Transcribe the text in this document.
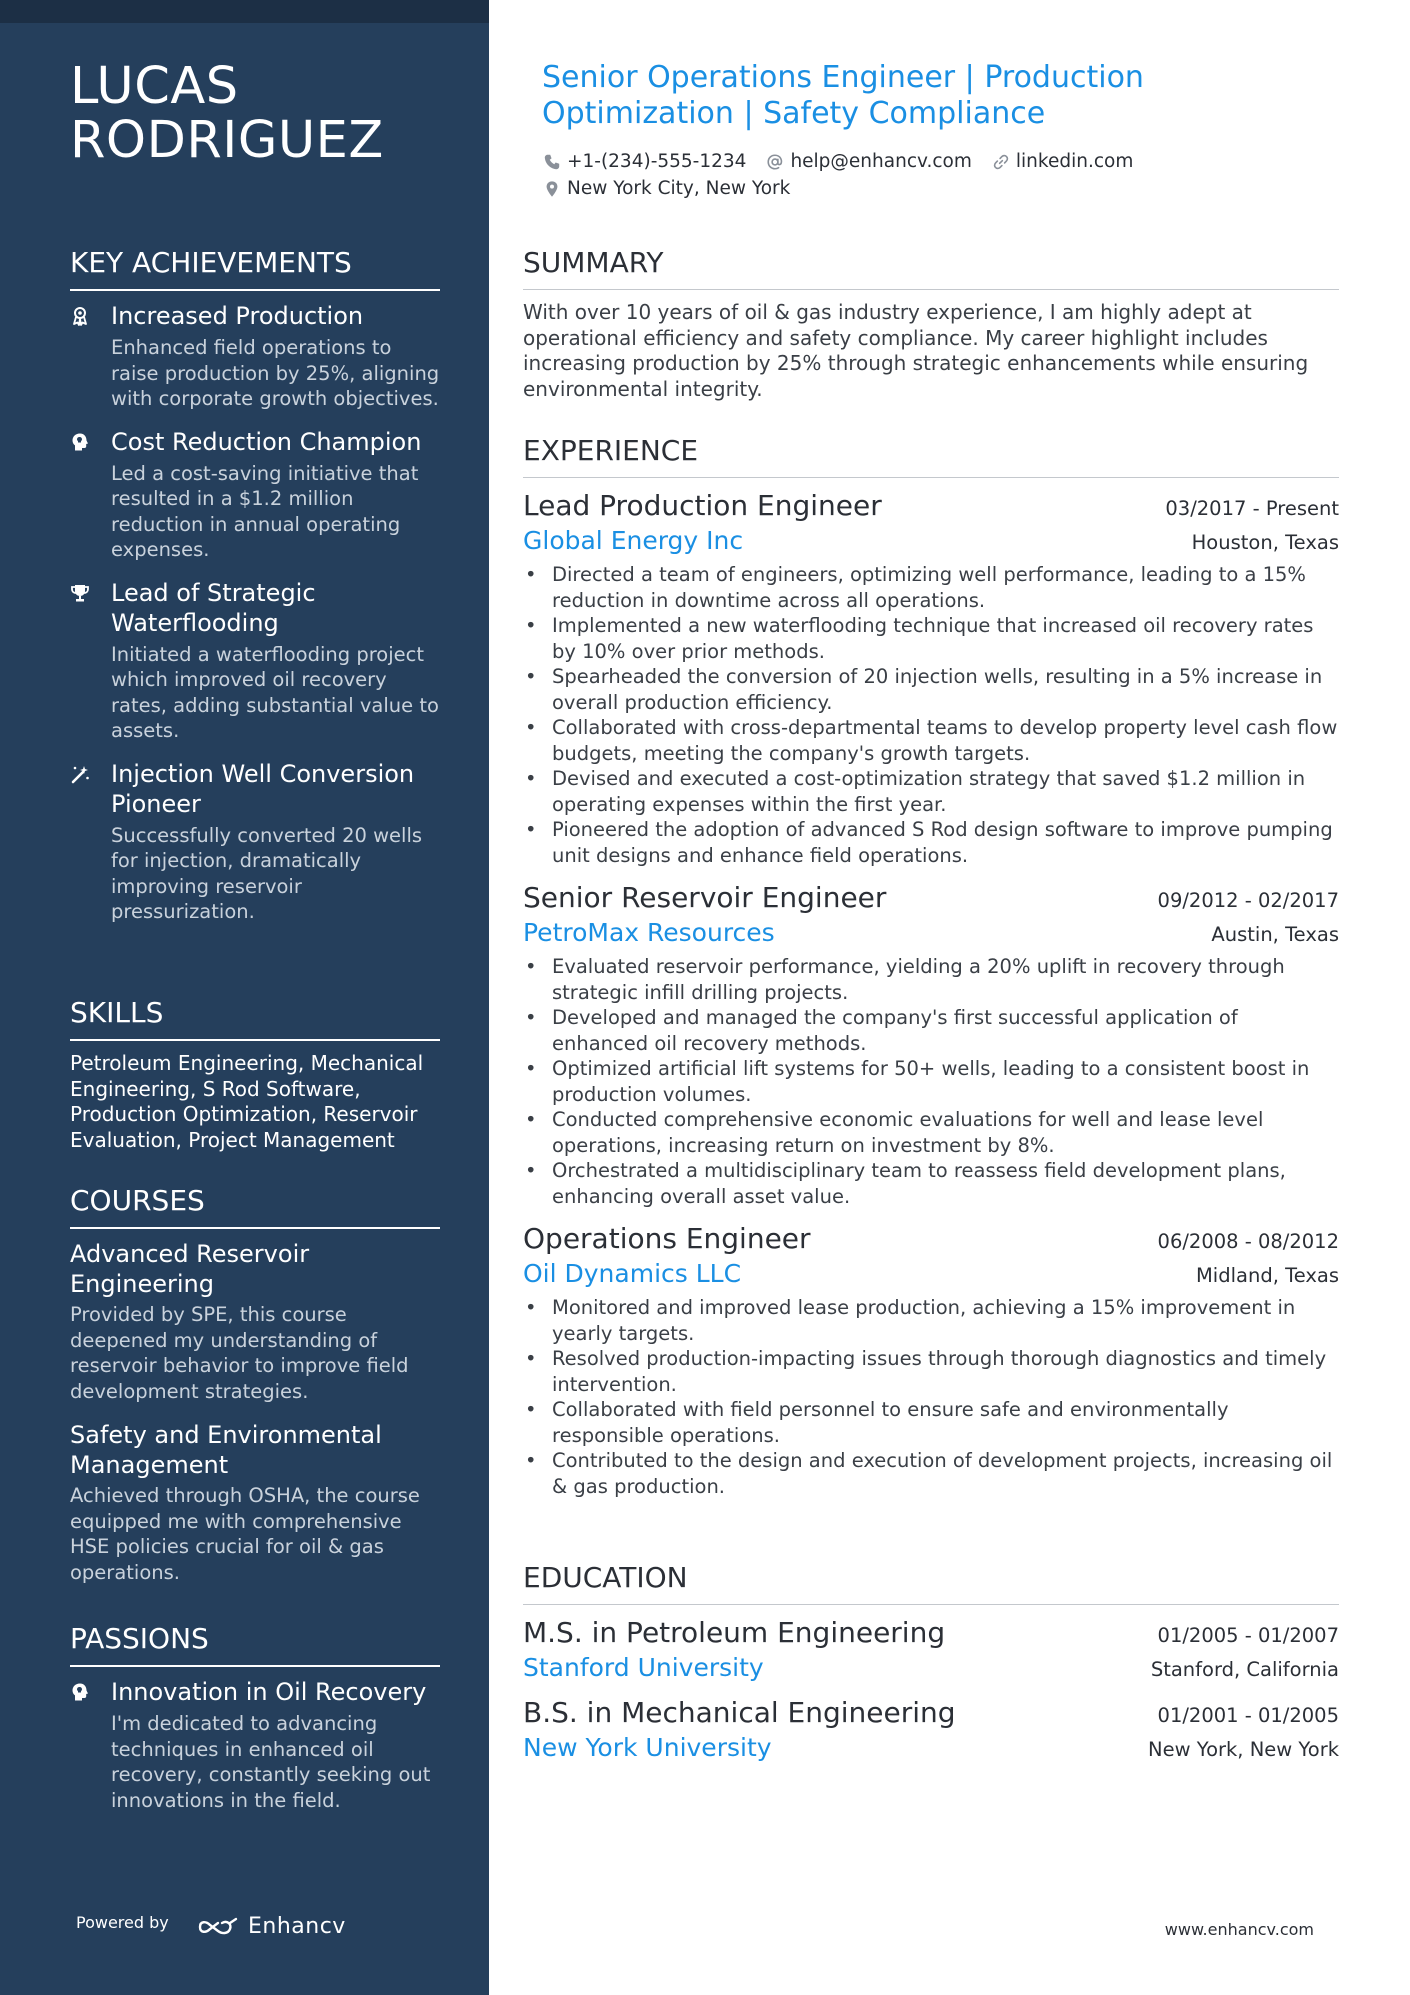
LUCAS
RODRIGUEZ
KEY ACHIEVEMENTS
Increased Production
Enhanced field operations to raise production by 25%, aligning with corporate growth objectives.
Cost Reduction Champion
Led a cost-saving initiative that resulted in a $1.2 million reduction in annual operating expenses.
Lead of Strategic Waterflooding
Initiated a waterflooding project which improved oil recovery rates, adding substantial value to assets.
Injection Well Conversion Pioneer
Successfully converted 20 wells for injection, dramatically improving reservoir pressurization.
SKILLS
Petroleum Engineering, Mechanical Engineering, S Rod Software, Production Optimization, Reservoir Evaluation, Project Management
COURSES
Advanced Reservoir Engineering
Provided by SPE, this course deepened my understanding of reservoir behavior to improve field development strategies.
Safety and Environmental Management
Achieved through OSHA, the course equipped me with comprehensive HSE policies crucial for oil & gas operations.
PASSIONS
Innovation in Oil Recovery
I'm dedicated to advancing techniques in enhanced oil recovery, constantly seeking out innovations in the field.
Powered by	Enhancv
Senior Operations Engineer | Production Optimization | Safety Compliance
+1-(234)-555-1234 help@enhancv.com linkedin.com
New York City, New York
SUMMARY

With over 10 years of oil & gas industry experience, I am highly adept at operational efficiency and safety compliance. My career highlight includes increasing production by 25% through strategic enhancements while ensuring environmental integrity.

EXPERIENCE
Lead Production Engineer	03/2017 - Present
Global Energy Inc	Houston, Texas
• Directed a team of engineers, optimizing well performance, leading to a 15% reduction in downtime across all operations.
• Implemented a new waterflooding technique that increased oil recovery rates by 10% over prior methods.
• Spearheaded the conversion of 20 injection wells, resulting in a 5% increase in overall production efficiency.
• Collaborated with cross-departmental teams to develop property level cash flow budgets, meeting the company's growth targets.
• Devised and executed a cost-optimization strategy that saved $1.2 million in operating expenses within the first year.
• Pioneered the adoption of advanced S Rod design software to improve pumping unit designs and enhance field operations.
Senior Reservoir Engineer	09/2012 - 02/2017
PetroMax Resources	Austin, Texas
• Evaluated reservoir performance, yielding a 20% uplift in recovery through strategic infill drilling projects.
• Developed and managed the company's first successful application of enhanced oil recovery methods.
• Optimized artificial lift systems for 50+ wells, leading to a consistent boost in production volumes.
• Conducted comprehensive economic evaluations for well and lease level operations, increasing return on investment by 8%.
• Orchestrated a multidisciplinary team to reassess field development plans, enhancing overall asset value.
Operations Engineer	06/2008 - 08/2012
Oil Dynamics LLC	Midland, Texas
• Monitored and improved lease production, achieving a 15% improvement in yearly targets.
• Resolved production-impacting issues through thorough diagnostics and timely intervention.
• Collaborated with field personnel to ensure safe and environmentally responsible operations.
• Contributed to the design and execution of development projects, increasing oil & gas production.
EDUCATION
M.S. in Petroleum Engineering	01/2005 - 01/2007
Stanford University	Stanford, California
B.S. in Mechanical Engineering	01/2001 - 01/2005
New York University	New York, New York
www.enhancv.com
